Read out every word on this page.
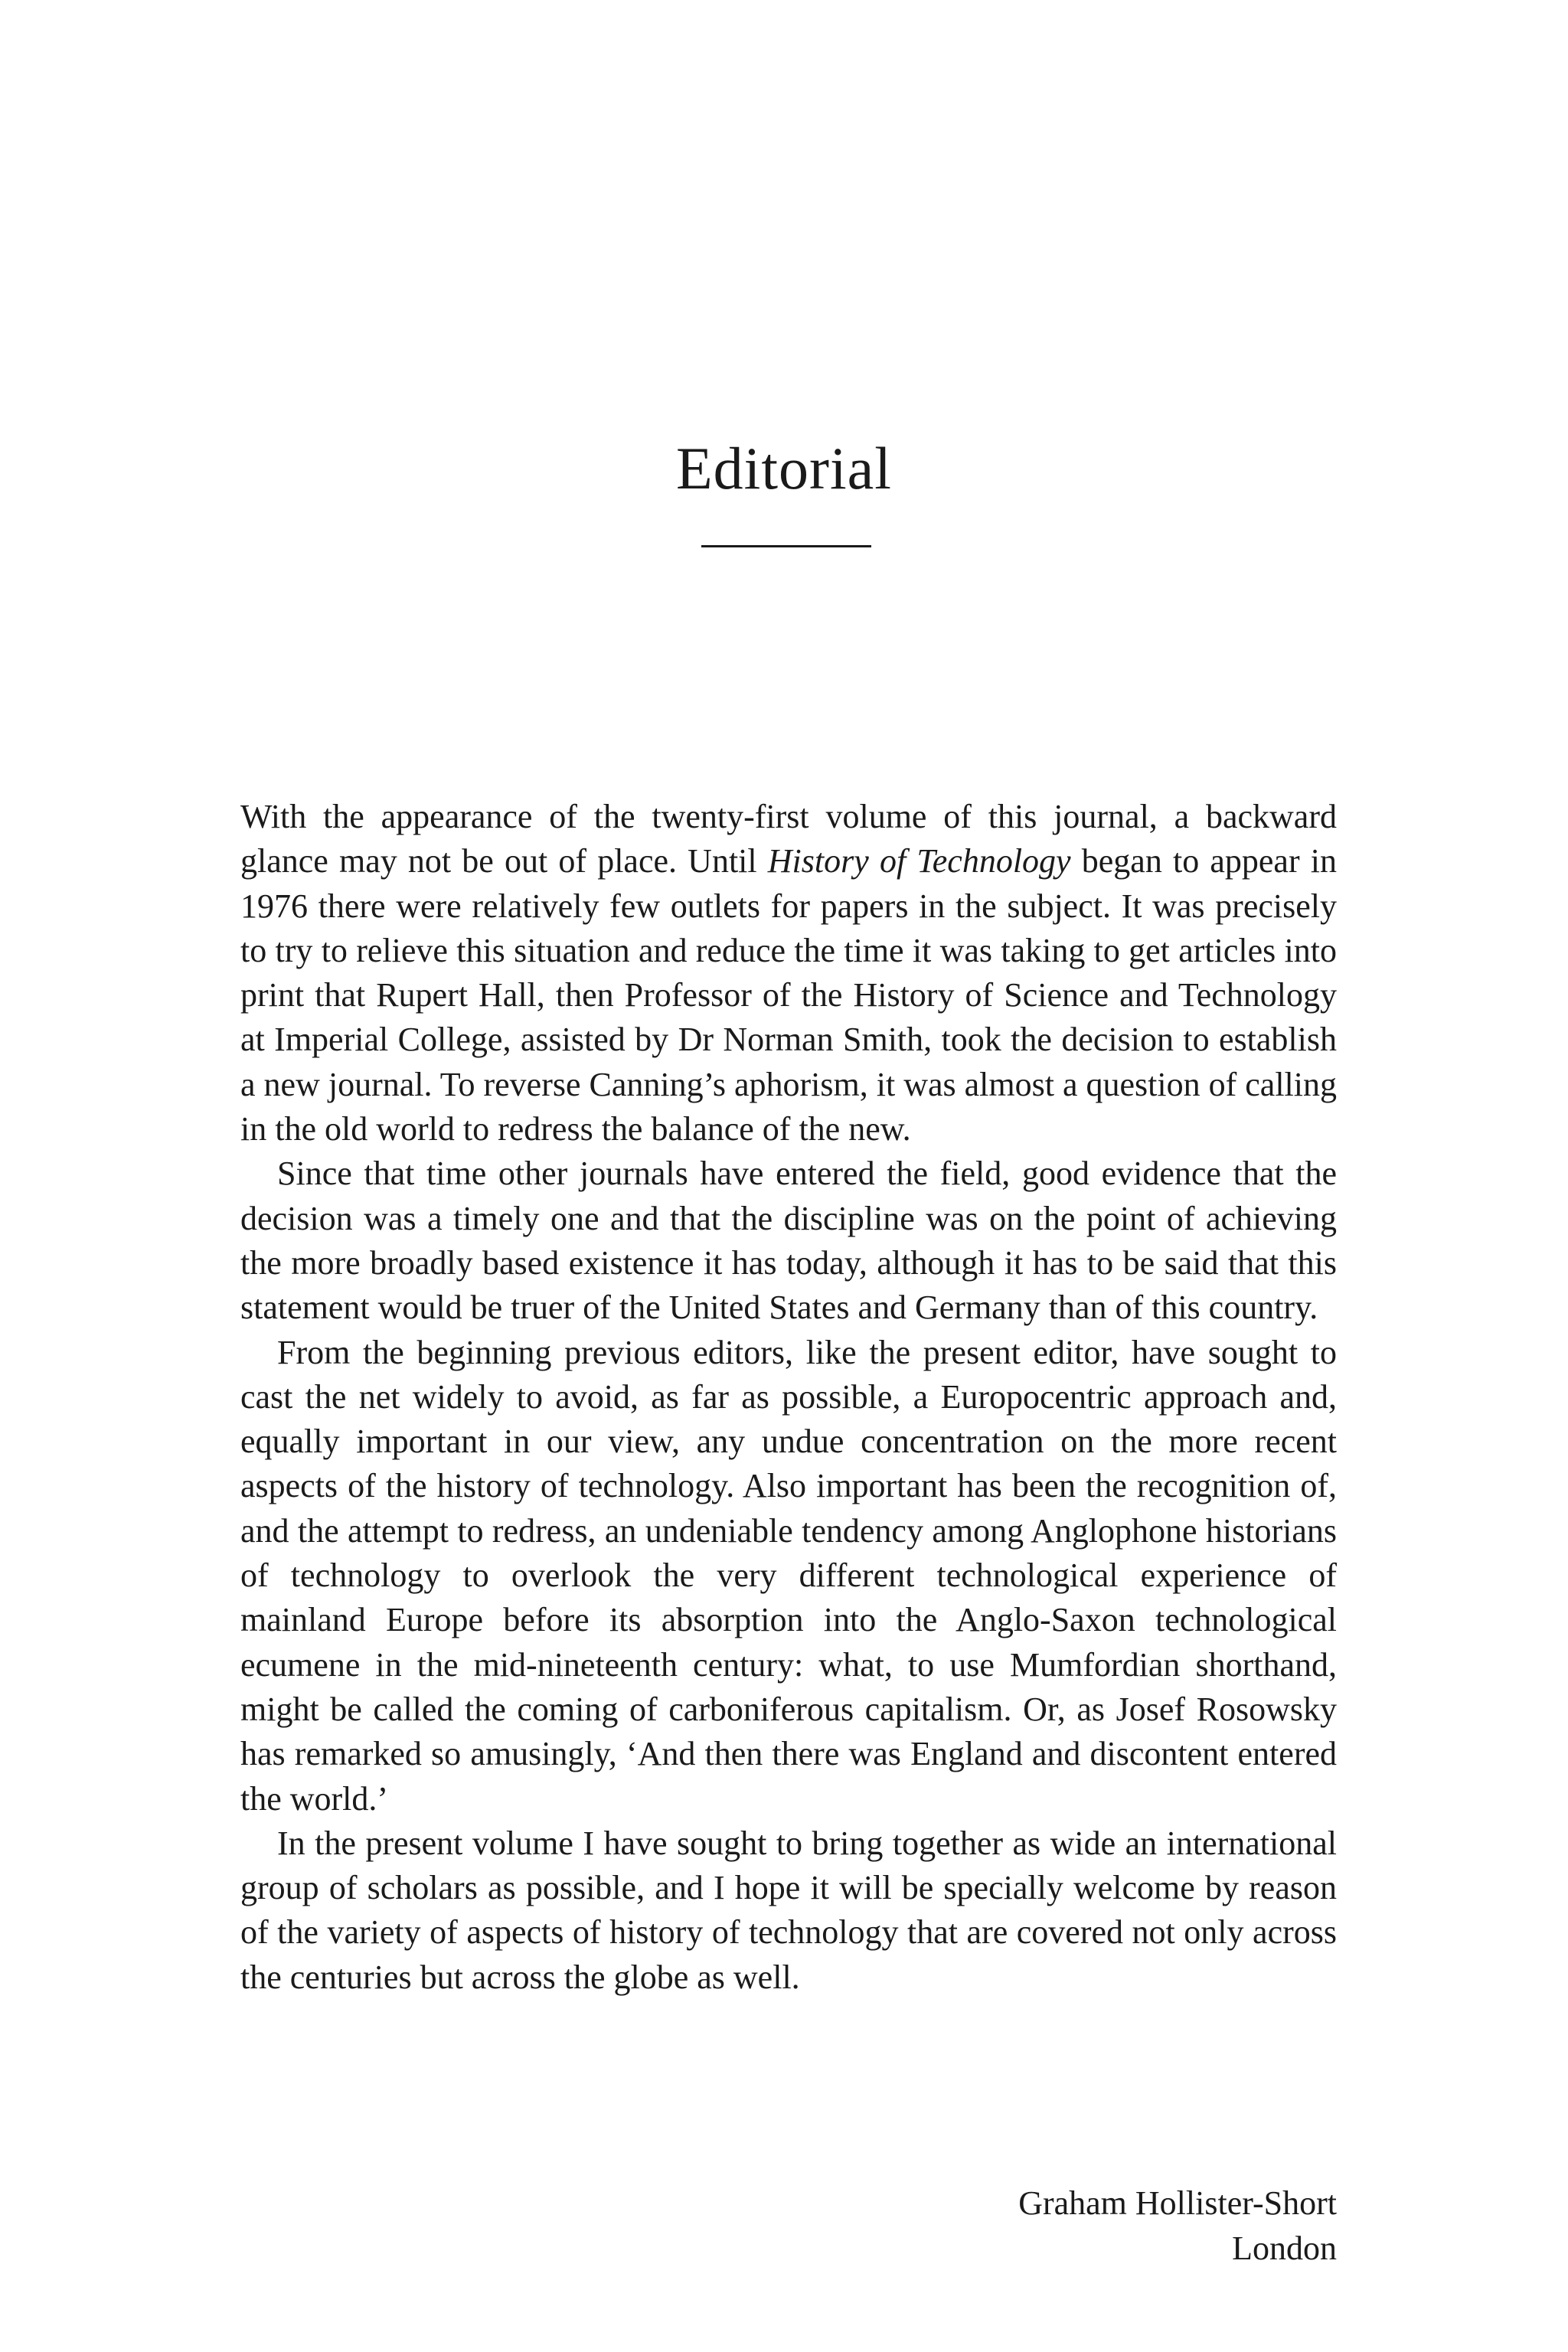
Editorial

With the appearance of the twenty-first volume of this journal, a backward glance may not be out of place. Until History of Technology began to appear in 1976 there were relatively few outlets for papers in the subject. It was precisely to try to relieve this situation and reduce the time it was taking to get articles into print that Rupert Hall, then Professor of the History of Science and Technology at Imperial College, assisted by Dr Norman Smith, took the decision to establish a new journal. To reverse Canning’s aphorism, it was almost a question of calling in the old world to redress the balance of the new.

Since that time other journals have entered the field, good evidence that the decision was a timely one and that the discipline was on the point of achieving the more broadly based existence it has today, although it has to be said that this statement would be truer of the United States and Germany than of this country.

From the beginning previous editors, like the present editor, have sought to cast the net widely to avoid, as far as possible, a Europocentric approach and, equally important in our view, any undue concentration on the more recent aspects of the history of technology. Also important has been the recognition of, and the attempt to redress, an undeniable tendency among Anglophone historians of technology to overlook the very different technological experience of mainland Europe before its absorption into the Anglo-Saxon technological ecumene in the mid-nineteenth century: what, to use Mumfordian shorthand, might be called the coming of carboniferous capitalism. Or, as Josef Rosowsky has remarked so amusingly, ‘And then there was England and discontent entered the world.’

In the present volume I have sought to bring together as wide an international group of scholars as possible, and I hope it will be specially welcome by reason of the variety of aspects of history of technology that are covered not only across the centuries but across the globe as well.

Graham Hollister-Short
London
